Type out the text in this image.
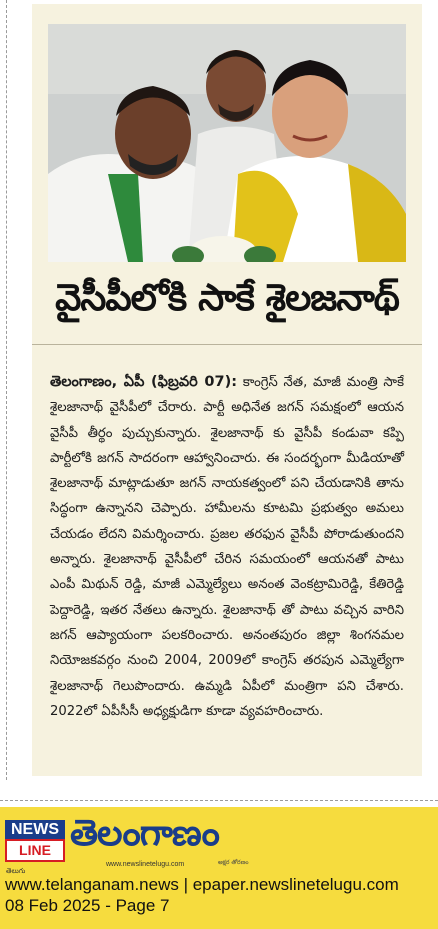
వైసీపీలోకి సాకే శైలజనాథ్

తెలంగాణం, ఏపీ (ఫిబ్రవరి 07): కాంగ్రెస్ నేత, మాజీ మంత్రి సాకే శైలజానాథ్ వైసీపీలో చేరారు. పార్టీ అధినేత జగన్ సమక్షంలో ఆయన వైసీపీ తీర్థం పుచ్చుకున్నారు. శైలజానాథ్ కు వైసీపీ కండువా కప్పి పార్టీలోకి జగన్ సాదరంగా ఆహ్వానించారు. ఈ సందర్భంగా మీడియాతో శైలజానాథ్ మాట్లాడుతూ జగన్ నాయకత్వంలో పని చేయడానికి తాను సిద్ధంగా ఉన్నానని చెప్పారు. హామీలను కూటమి ప్రభుత్వం అమలు చేయడం లేదని విమర్శించారు. ప్రజల తరఫున వైసీపీ పోరాడుతుందని అన్నారు. శైలజానాథ్ వైసీపీలో చేరిన సమయంలో ఆయనతో పాటు ఎంపీ మిథున్ రెడ్డి, మాజీ ఎమ్మెల్యేలు అనంత వెంకట్రామిరెడ్డి, కేతిరెడ్డి పెద్దారెడ్డి, ఇతర నేతలు ఉన్నారు. శైలజానాథ్ తో పాటు వచ్చిన వారిని జగన్ ఆప్యాయంగా పలకరించారు. అనంతపురం జిల్లా శింగనమల నియోజకవర్గం నుంచి 2004, 2009లో కాంగ్రెస్ తరపున ఎమ్మెల్యేగా శైలజానాథ్ గెలుపొందారు. ఉమ్మడి ఏపీలో మంత్రిగా పని చేశారు. 2022లో ఏపీసీసీ అధ్యక్షుడిగా కూడా వ్యవహరించారు.

NEWS
LINE
తెలుగు
తెలంగాణం
www.newslinetelugu.com	అక్షర తోరణం
www.telanganam.news | epaper.newslinetelugu.com
08 Feb 2025 - Page 7
